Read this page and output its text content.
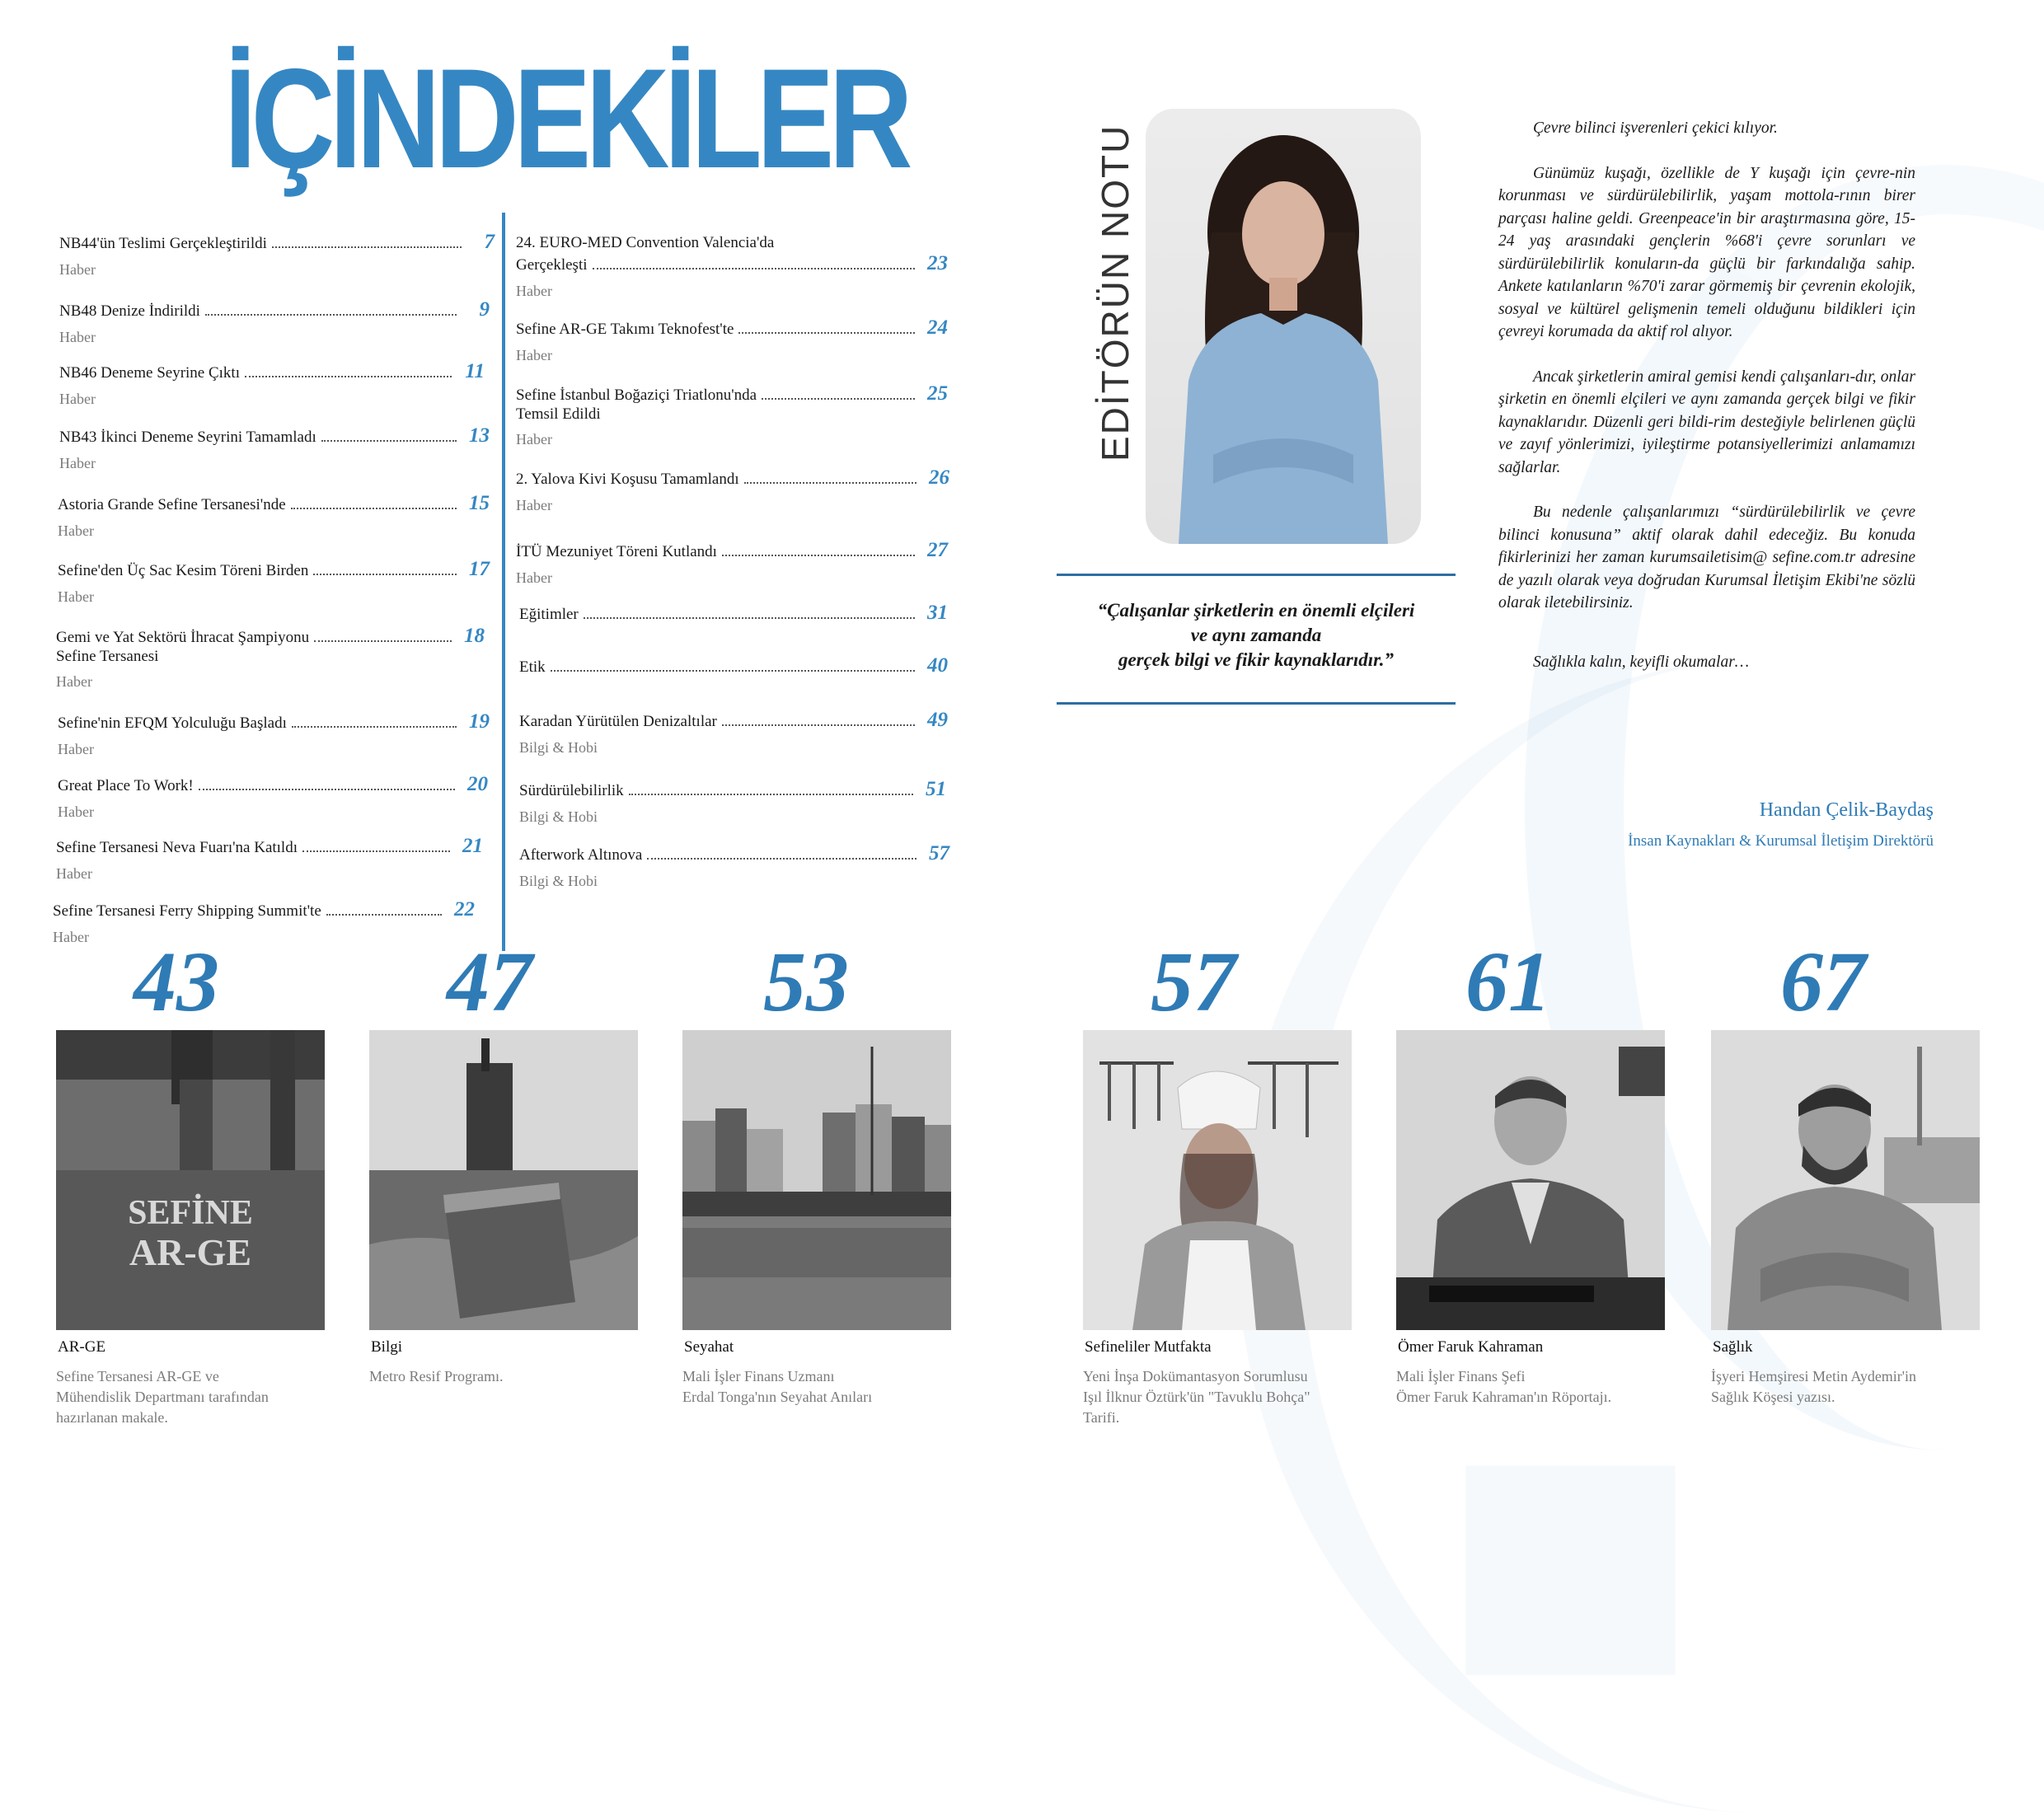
İÇİNDEKİLER
NB44'ün Teslimi Gerçekleştirildi	7
Haber
NB48 Denize İndirildi	9
Haber
NB46 Deneme Seyrine Çıktı	11
Haber
NB43 İkinci Deneme Seyrini Tamamladı	13
Haber
Astoria Grande Sefine Tersanesi'nde	15
Haber
Sefine'den Üç Sac Kesim Töreni Birden	17
Haber
Gemi ve Yat Sektörü İhracat Şampiyonu	18
Sefine Tersanesi
Haber
Sefine'nin EFQM Yolculuğu Başladı	19
Haber
Great Place To Work!	20
Haber
Sefine Tersanesi Neva Fuarı'na Katıldı	21
Haber
Sefine Tersanesi Ferry Shipping Summit'te	22
Haber
24. EURO-MED Convention Valencia'da
Gerçekleşti	23
Haber
Sefine AR-GE Takımı Teknofest'te	24
Haber
Sefine İstanbul Boğaziçi Triatlonu'nda	25
Temsil Edildi
Haber
2. Yalova Kivi Koşusu Tamamlandı	26
Haber
İTÜ Mezuniyet Töreni Kutlandı	27
Haber
Eğitimler	31
Etik	40
Karadan Yürütülen Denizaltılar	49
Bilgi & Hobi
Sürdürülebilirlik	51
Bilgi & Hobi
Afterwork Altınova	57
Bilgi & Hobi
EDİTÖRÜN NOTU
“Çalışanlar şirketlerin en önemli elçileri
ve aynı zamanda
gerçek bilgi ve fikir kaynaklarıdır.”

Çevre bilinci işverenleri çekici kılıyor.

Günümüz kuşağı, özellikle de Y kuşağı için çevre-nin korunması ve sürdürülebilirlik, yaşam mottola-rının birer parçası haline geldi. Greenpeace'in bir araştırmasına göre, 15-24 yaş arasındaki gençlerin %68'i çevre sorunları ve sürdürülebilirlik konuların-da güçlü bir farkındalığa sahip. Ankete katılanların %70'i zarar görmemiş bir çevrenin ekolojik, sosyal ve kültürel gelişmenin temeli olduğunu bildikleri için çevreyi korumada da aktif rol alıyor.

Ancak şirketlerin amiral gemisi kendi çalışanları-dır, onlar şirketin en önemli elçileri ve aynı zamanda gerçek bilgi ve fikir kaynaklarıdır. Düzenli geri bildi-rim desteğiyle belirlenen güçlü ve zayıf yönlerimizi, iyileştirme potansiyellerimizi anlamamızı sağlarlar.

Bu nedenle çalışanlarımızı “sürdürülebilirlik ve çevre bilinci konusuna” aktif olarak dahil edeceğiz. Bu konuda fikirlerinizi her zaman kurumsailetisim@ sefine.com.tr adresine de yazılı olarak veya doğrudan Kurumsal İletişim Ekibi'ne sözlü olarak iletebilirsiniz.

Sağlıkla kalın, keyifli okumalar…

Handan Çelik-Baydaş
İnsan Kaynakları & Kurumsal İletişim Direktörü
SEFİNE
AR-GE
43
AR-GE
Sefine Tersanesi AR-GE ve
Mühendislik Departmanı tarafından
hazırlanan makale.
47
Bilgi
Metro Resif Programı.
53
Seyahat
Mali İşler Finans Uzmanı
Erdal Tonga'nın Seyahat Anıları
57
Sefineliler Mutfakta
Yeni İnşa Dokümantasyon Sorumlusu
Işıl İlknur Öztürk'ün "Tavuklu Bohça"
Tarifi.
61
Ömer Faruk Kahraman
Mali İşler Finans Şefi
Ömer Faruk Kahraman'ın Röportajı.
67
Sağlık
İşyeri Hemşiresi Metin Aydemir'in
Sağlık Köşesi yazısı.
